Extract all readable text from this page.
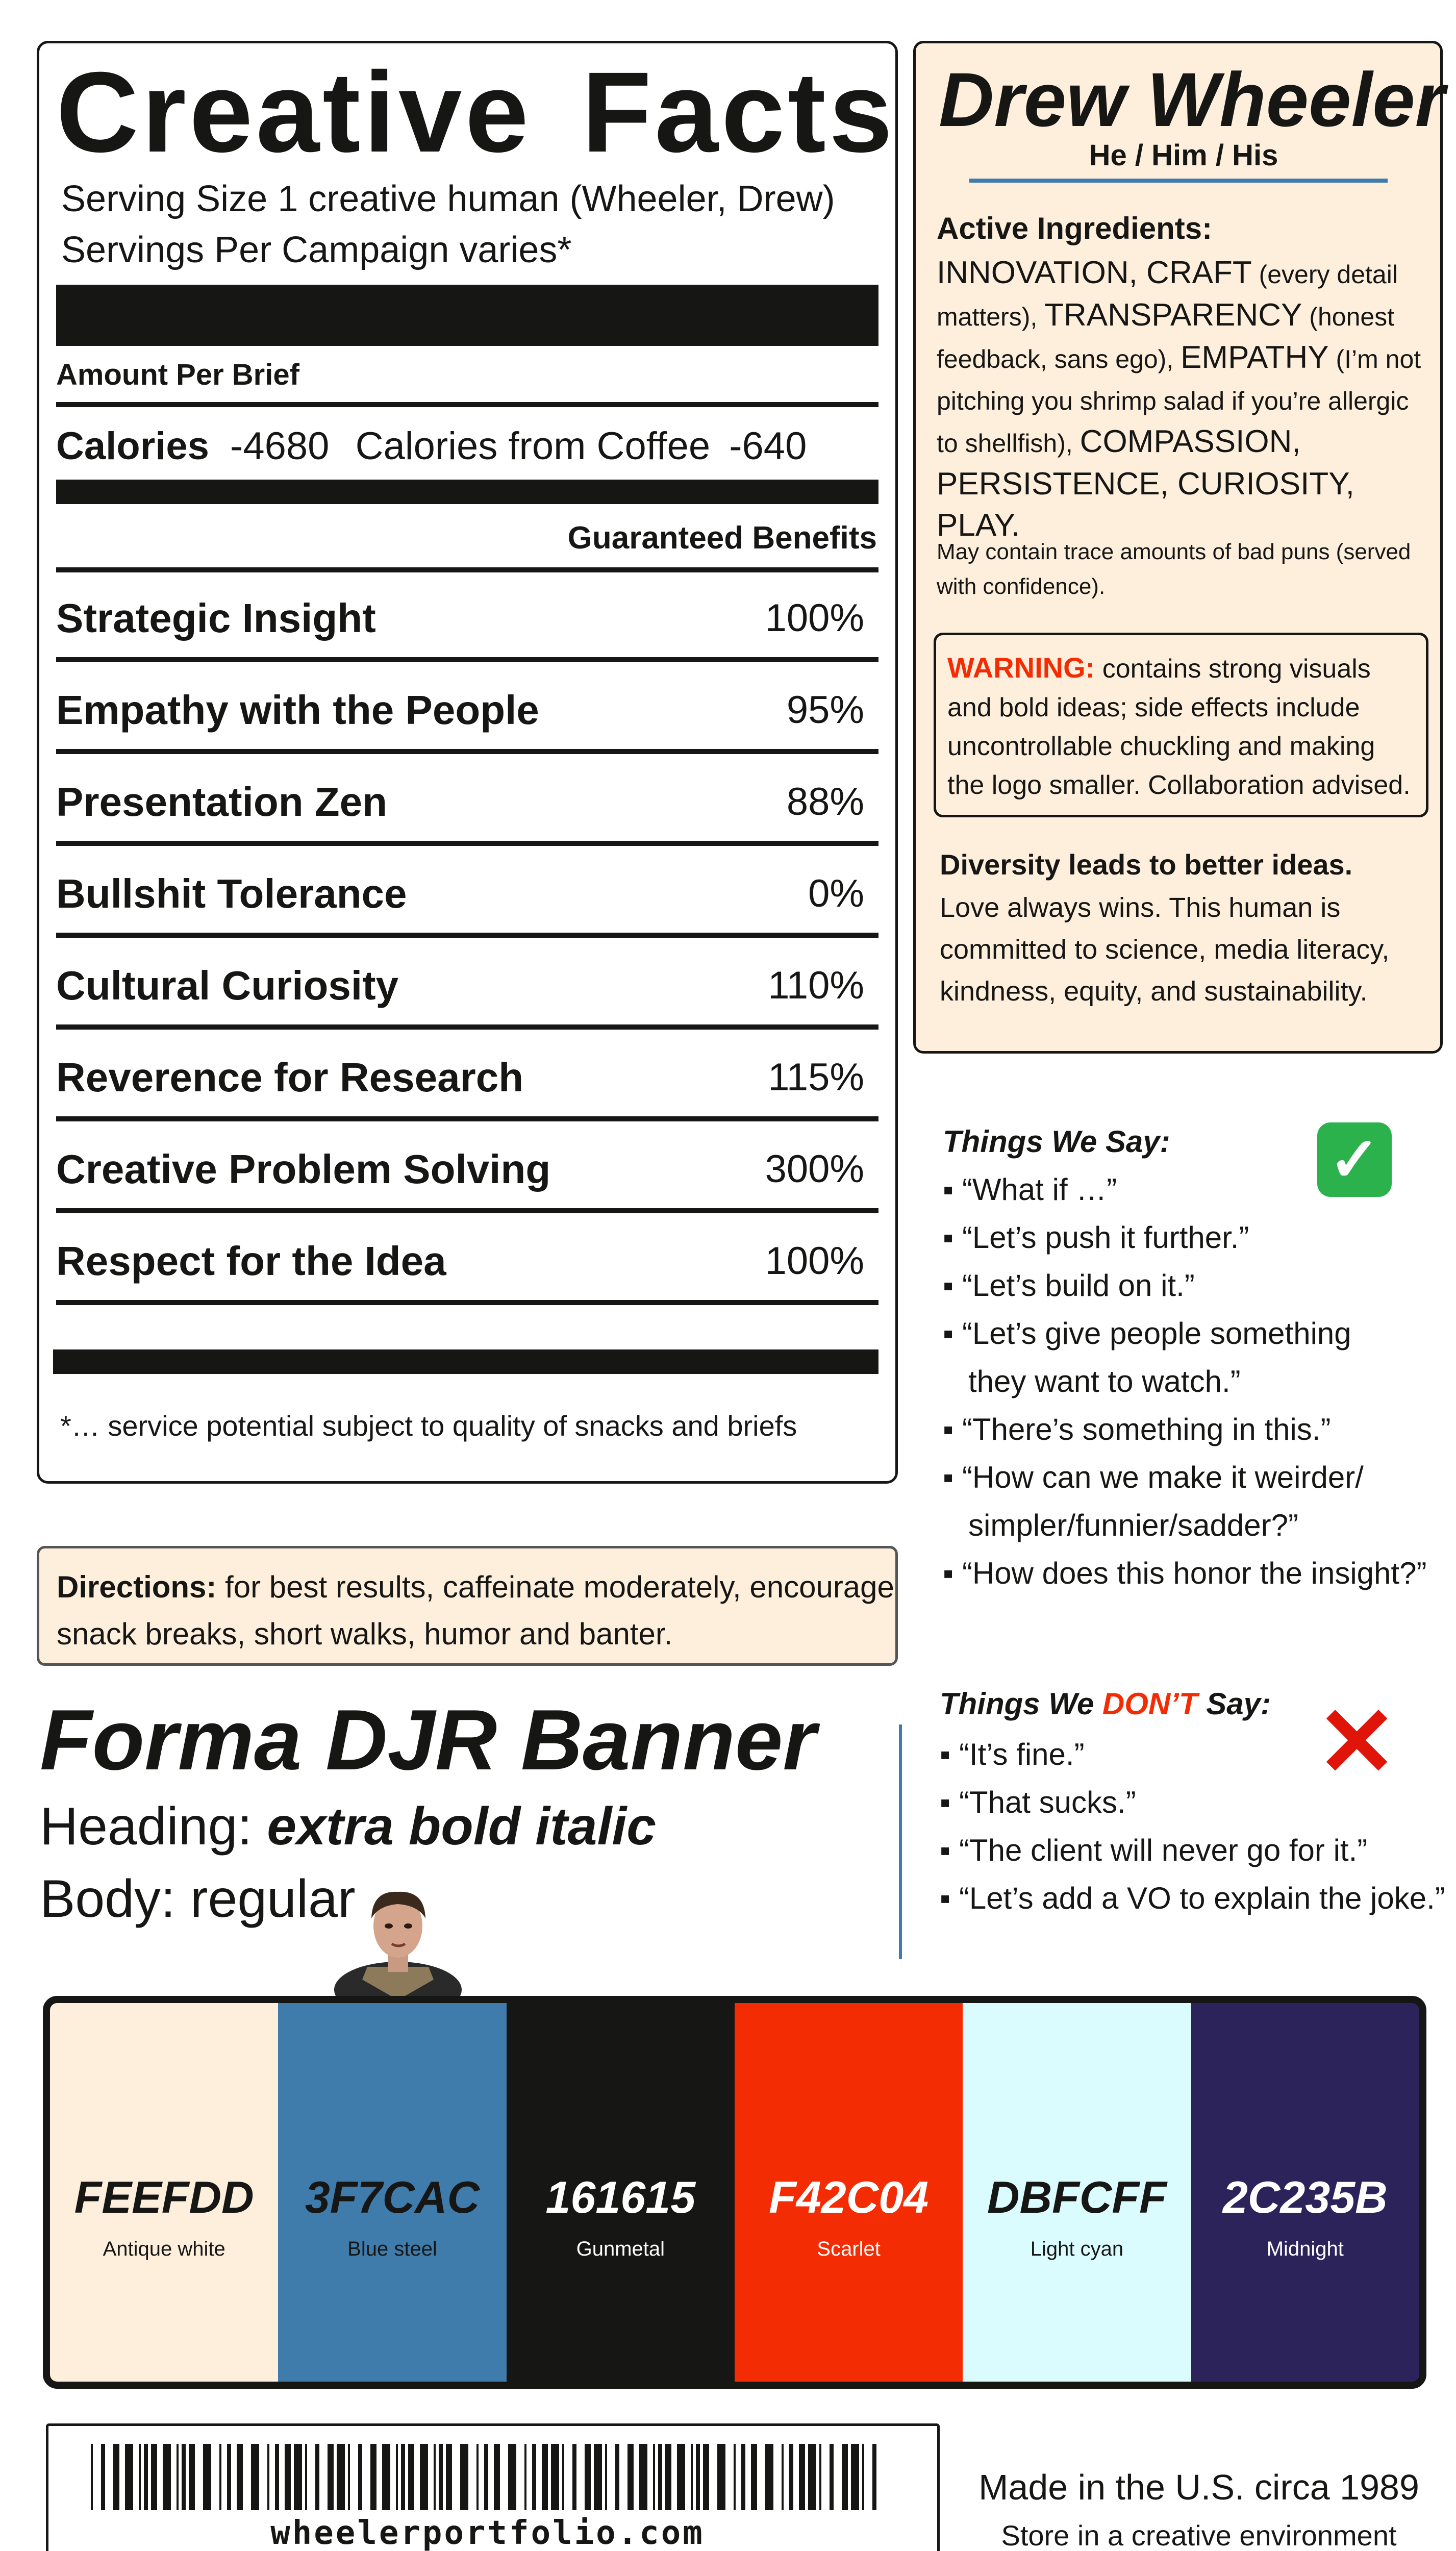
Creative Facts
Serving Size 1 creative human (Wheeler, Drew)
Servings Per Campaign varies*
Amount Per Brief
Calories -4680 Calories from Coffee -640
Guaranteed Benefits
Strategic Insight	100%
Empathy with the People	95%
Presentation Zen	88%
Bullshit Tolerance	0%
Cultural Curiosity	110%
Reverence for Research	115%
Creative Problem Solving	300%
Respect for the Idea	100%
*… service potential subject to quality of snacks and briefs
Drew Wheeler
He / Him / His
Active Ingredients:
INNOVATION, CRAFT (every detail matters), TRANSPARENCY (honest feedback, sans ego), EMPATHY (I’m not pitching you shrimp salad if you’re allergic to shellfish), COMPASSION, PERSISTENCE, CURIOSITY, PLAY.
May contain trace amounts of bad puns (served with confidence).
WARNING: contains strong visuals and bold ideas; side effects include uncontrollable chuckling and making the logo smaller. Collaboration advised.
Diversity leads to better ideas.
Love always wins. This human is committed to science, media literacy, kindness, equity, and sustainability.
Things We Say:	✓
▪ “What if …”
▪ “Let’s push it further.”
▪ “Let’s build on it.”
▪ “Let’s give people something
they want to watch.”
▪ “There’s something in this.”
▪ “How can we make it weirder/
simpler/funnier/sadder?”
▪ “How does this honor the insight?”
Directions: for best results, caffeinate moderately, encourage snack breaks, short walks, humor and banter.
Things We DON’T Say: ✕
▪ “It’s fine.”
▪ “That sucks.”
▪ “The client will never go for it.”
▪ “Let’s add a VO to explain the joke.”
Forma DJR Banner
Heading: extra bold italic
Body: regular
FEEFDD
Antique white
3F7CAC
Blue steel
161615
Gunmetal
F42C04
Scarlet
DBFCFF
Light cyan
2C235B
Midnight
wheelerportfolio.com
Made in the U.S. circa 1989
Store in a creative environment
